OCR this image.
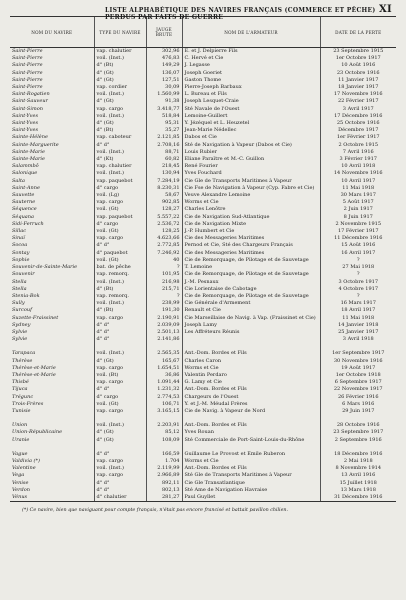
LISTE ALPHABÉTIQUE DES NAVIRES FRANÇAIS (COMMERCE ET PÊCHE) PERDUS PAR FAITS DE GUERRE
XI
NOM DU NAVIRE	TYPE DU NAVIRE	JAUGE BRUTE	NOM DE L'ARMATEUR	DATE DE LA PERTE
Saint-Pierre	vap. chalutier	302,96	E. et J. Delpierre Fils	23 Septembre 1915
Saint-Pierre	voil. (Inst.)	476,83	C. Hervé et Cie	1er Octobre 1917
Saint-Pierre	d° (Bt)	149,29	J. Legasse	10 Août 1916
Saint-Pierre	d° (Gt)	136,07	Joseph Goeriet	23 Octobre 1916
Saint-Pierre	d° (Gt)	127,51	Gaston Thome	11 Janvier 1917
Saint-Pierre	vap. cordier	30,09	Pierre-Joseph Barbaux	18 Janvier 1917
Saint-Rogatien	voil. (Inst.)	1.560,99	L. Bureau et Fils	17 Novembre 1916
Saint-Sauveur	d° (Gt)	91,38	Joseph Lesquet-Craie	22 Février 1917
Saint-Simon	vap. cargo	3.418,77	Sté Navale de l'Ouest	3 Avril 1917
Saint-Yves	voil. (Inst.)	518,84	Lemoine-Guillert	17 Décembre 1916
Saint-Yves	d° (Gt)	95,31	Y. Jézéquel et L. Heuzetel	25 Octobre 1916
Saint-Yves	d° (Bt)	35,27	Jean-Marie Nédellec	Décembre 1917
Sainte-Hélène	vap. caboteur	2.121,85	Dabos et Cie	1er Février 1917
Sainte-Marguerite	d° d°	2.708,16	Sté de Navigation à Vapeur (Dabos et Cie)	2 Octobre 1915
Sainte-Marie	voil. (Inst.)	88,71	Louis Rubier	7 Avril 1916
Sainte-Marie	d° (Kt)	60,82	Eliane Paraïtre et M.-C. Guillon	3 Février 1917
Salammbô	vap. chalutier	218,45	René Fourier	10 Avril 1918
Salonique	voil. (Inst.)	130,94	Yves Fouchard	14 Novembre 1916
Salta	vap. paquebot	7.284,19	Cie Gle de Transports Maritimes à Vapeur	10 Avril 1917
Saint-Anne	d° cargo	8.230,31	Cie Fse de Navigation à Vapeur (Cyp. Fabre et Cie)	11 Mai 1918
Sauvette	voil. (Lg)	58,67	Veuve Alexandre Lemoine	30 Mars 1917
Sauterne	vap. cargo	902,85	Worms et Cie	5 Août 1917
Séquence	voil. (Gt)	128,27	Charles Lenôtre	2 Juin 1917
Séquana	vap. paquebot	5.557,22	Cie de Navigation Sud-Atlantique	8 Juin 1917
Sidi-Ferruch	d° cargo	2.536,72	Cie de Navigation Mixte	2 Novembre 1915
Sillac	voil. (Gt)	128,25	J.-P. Humbert et Cie	17 Février 1917
Sinaï	vap. cargo	4.623,66	Cie des Messageries Maritimes	11 Décembre 1916
Socoa	d° d°	2.772,85	Pernod et Cie, Sté des Chargeurs Français	15 Août 1916
Sontay	d° paquebot	7.246,92	Cie des Messageries Maritimes	16 Avril 1917
Sophie	voil. (Gt)	40	Cie de Remorquage, de Pilotage et de Sauvetage	?
Souvenir-de-Sainte-Marie	bat. de pêche	?	T. Lemoine	27 Mai 1918
Souvenir	vap. remorq.	101,95	Cie de Remorquage, de Pilotage et de Sauvetage	?
Stella	voil. (Inst.)	216,98	J.-M. Pesnaux	3 Octobre 1917
Stella	d° (Bt)	215,71	Cie Lorientaise de Cabotage	4 Octobre 1917
Stenia-Bok	vap. remorq.	?	Cie de Remorquage, de Pilotage et de Sauvetage	?
Sully	voil. (Inst.)	238,99	Cie Générale d'Armement	16 Mars 1917
Surcouf	d° (Bt)	191,30	Renault et Cie	18 Avril 1917
Suzette-Fraissinet	vap. cargo	2.190,91	Cie Marseillaise de Navig. à Vap. (Fraissinet et Cie)	11 Mai 1918
Sydney	d° d°	2.039,09	Joseph Lamy	14 Janvier 1918
Sylvie	d° d°	2.501,13	Les Affréteurs Réunis	25 Janvier 1917
Sylvie	d° d°	2.141,86		3 Avril 1918

Tarapaca	voil. (Inst.)	2.565,35	Ant.-Dom. Bordes et Fils	1er Septembre 1917
Thérèse	d° (Gt)	165,67	Charles Caron	30 Novembre 1916
Thérèse-et-Marie	vap. cargo	1.654,51	Worms et Cie	19 Août 1917
Thérèse-et-Marie	voil. (Bt)	36,86	Valentin Perdaro	1er Octobre 1918
Thisbé	vap. cargo	1.091,44	G. Lamy et Cie	6 Septembre 1917
Tijuca	d° d°	1.231,32	Ant.-Dom. Bordes et Fils	22 Novembre 1917
Trégunc	d° cargo	2.774,53	Chargeurs de l'Ouest	26 Février 1916
Trois-Frères	voil. (Gt)	106,71	Y. et J.-M. Méudal Frères	6 Mars 1916
Tunisie	vap. cargo	3.165,15	Cie de Navig. à Vapeur de Nord	29 Juin 1917

Union	voil. (Inst.)	2.203,91	Ant.-Dom. Bordes et Fils	28 Octobre 1916
Union-Républicaine	d° (Gt)	85,12	Yves Rouan	23 Septembre 1917
Uranie	d° (Gt)	108,09	Sté Commerciale de Port-Saint-Louis-du-Rhône	2 Septembre 1916

Vague	d° d°	166,59	Guillaume Le Provost et Émile Ruberon	18 Décembre 1916
Valdivia (*)	vap. cargo	1.704	Worms et Cie	2 Mai 1918
Valentine	voil. (Inst.)	2.119,99	Ant.-Dom. Bordes et Fils	8 Novembre 1914
Vega	vap. cargo	2.966,89	Sté Gle de Transports Maritimes à Vapeur	13 Avril 1916
Venise	d° d°	892,11	Cie Gle Transatlantique	15 Juillet 1918
Verdon	d° d°	802,13	Sté Ame de Navigation Havraise	13 Mars 1918
Vénus	d° chalutier	281,27	Paul Guyllet	31 Décembre 1916
(*) Ce navire, bien que naviguant pour compte français, n'était pas encore francisé et battait pavillon chilien.
